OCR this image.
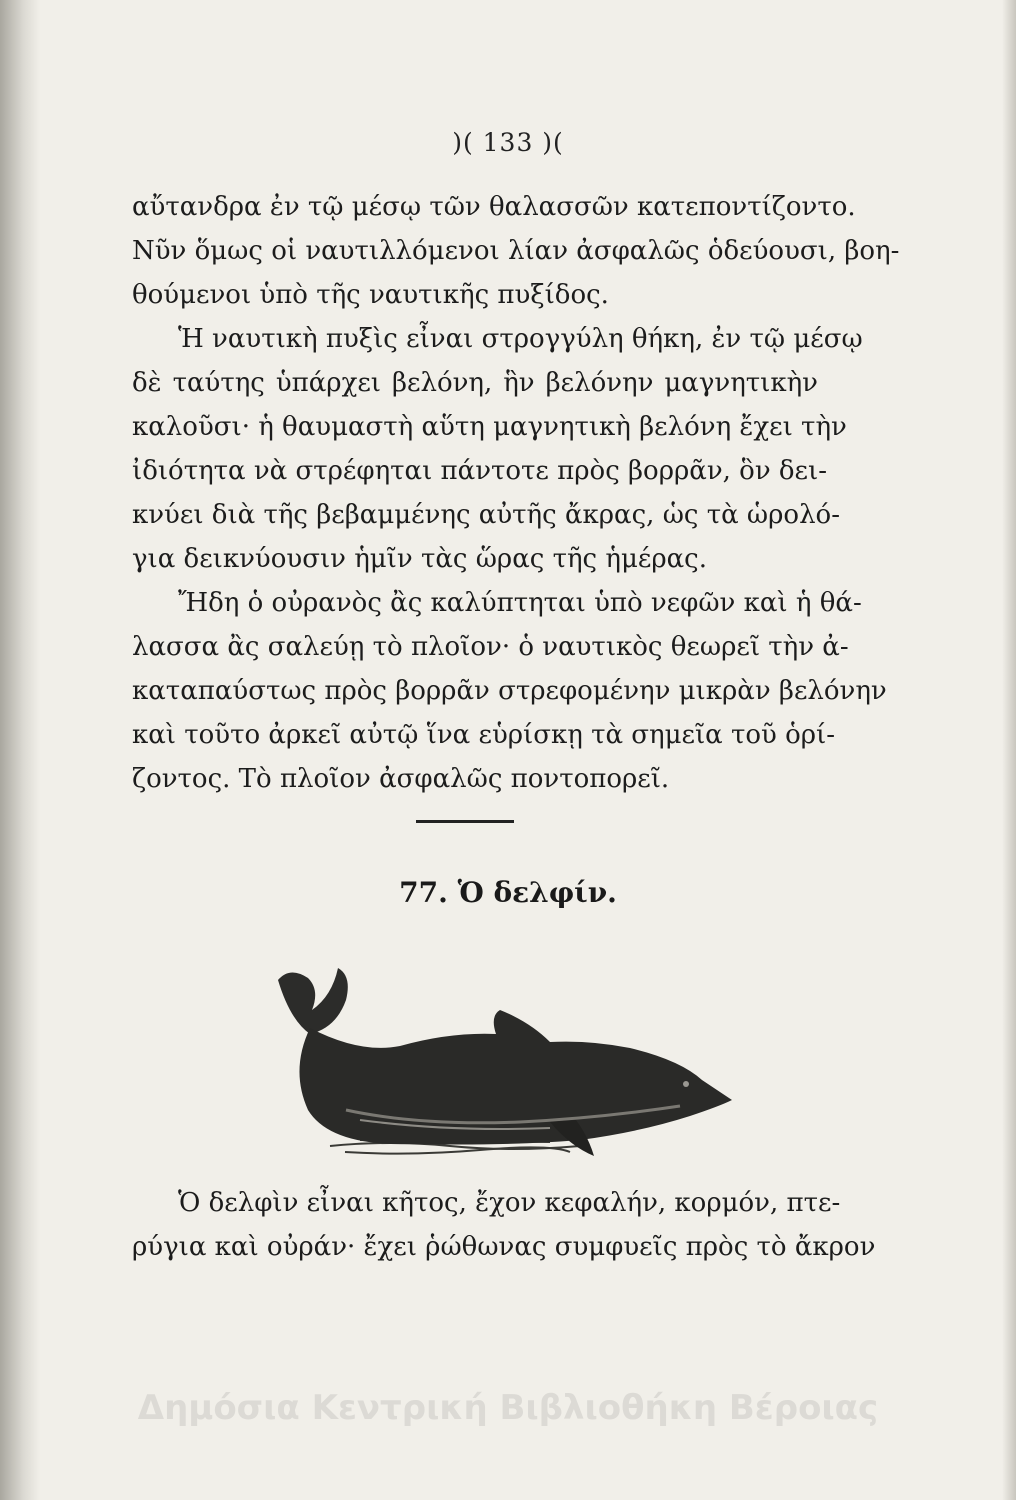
)( 133 )(
αὔτανδρα ἐν τῷ μέσῳ τῶν θαλασσῶν κατεποντίζοντο.
Νῦν ὅμως οἱ ναυτιλλόμενοι λίαν ἀσφαλῶς ὁδεύουσι, βοη-
θούμενοι ὑπὸ τῆς ναυτικῆς πυξίδος.
Ἡ ναυτικὴ πυξὶς εἶναι στρογγύλη θήκη, ἐν τῷ μέσῳ
δὲ ταύτης ὑπάρχει βελόνη, ἣν βελόνην μαγνητικὴν
καλοῦσι· ἡ θαυμαστὴ αὕτη μαγνητικὴ βελόνη ἔχει τὴν
ἰδιότητα νὰ στρέφηται πάντοτε πρὸς βορρᾶν, ὃν δει-
κνύει διὰ τῆς βεβαμμένης αὐτῆς ἄκρας, ὡς τὰ ὡρολό-
για δεικνύουσιν ἡμῖν τὰς ὥρας τῆς ἡμέρας.
Ἤδη ὁ οὐρανὸς ἂς καλύπτηται ὑπὸ νεφῶν καὶ ἡ θά-
λασσα ἂς σαλεύῃ τὸ πλοῖον· ὁ ναυτικὸς θεωρεῖ τὴν ἀ-
καταπαύστως πρὸς βορρᾶν στρεφομένην μικρὰν βελόνην
καὶ τοῦτο ἀρκεῖ αὐτῷ ἵνα εὑρίσκῃ τὰ σημεῖα τοῦ ὁρί-
ζοντος. Τὸ πλοῖον ἀσφαλῶς ποντοπορεῖ.
77. Ὁ δελφίν.
Ὁ δελφὶν εἶναι κῆτος, ἔχον κεφαλήν, κορμόν, πτε-
ρύγια καὶ οὐράν· ἔχει ῥώθωνας συμφυεῖς πρὸς τὸ ἄκρον
Δημόσια Κεντρική Βιβλιοθήκη Βέροιας
